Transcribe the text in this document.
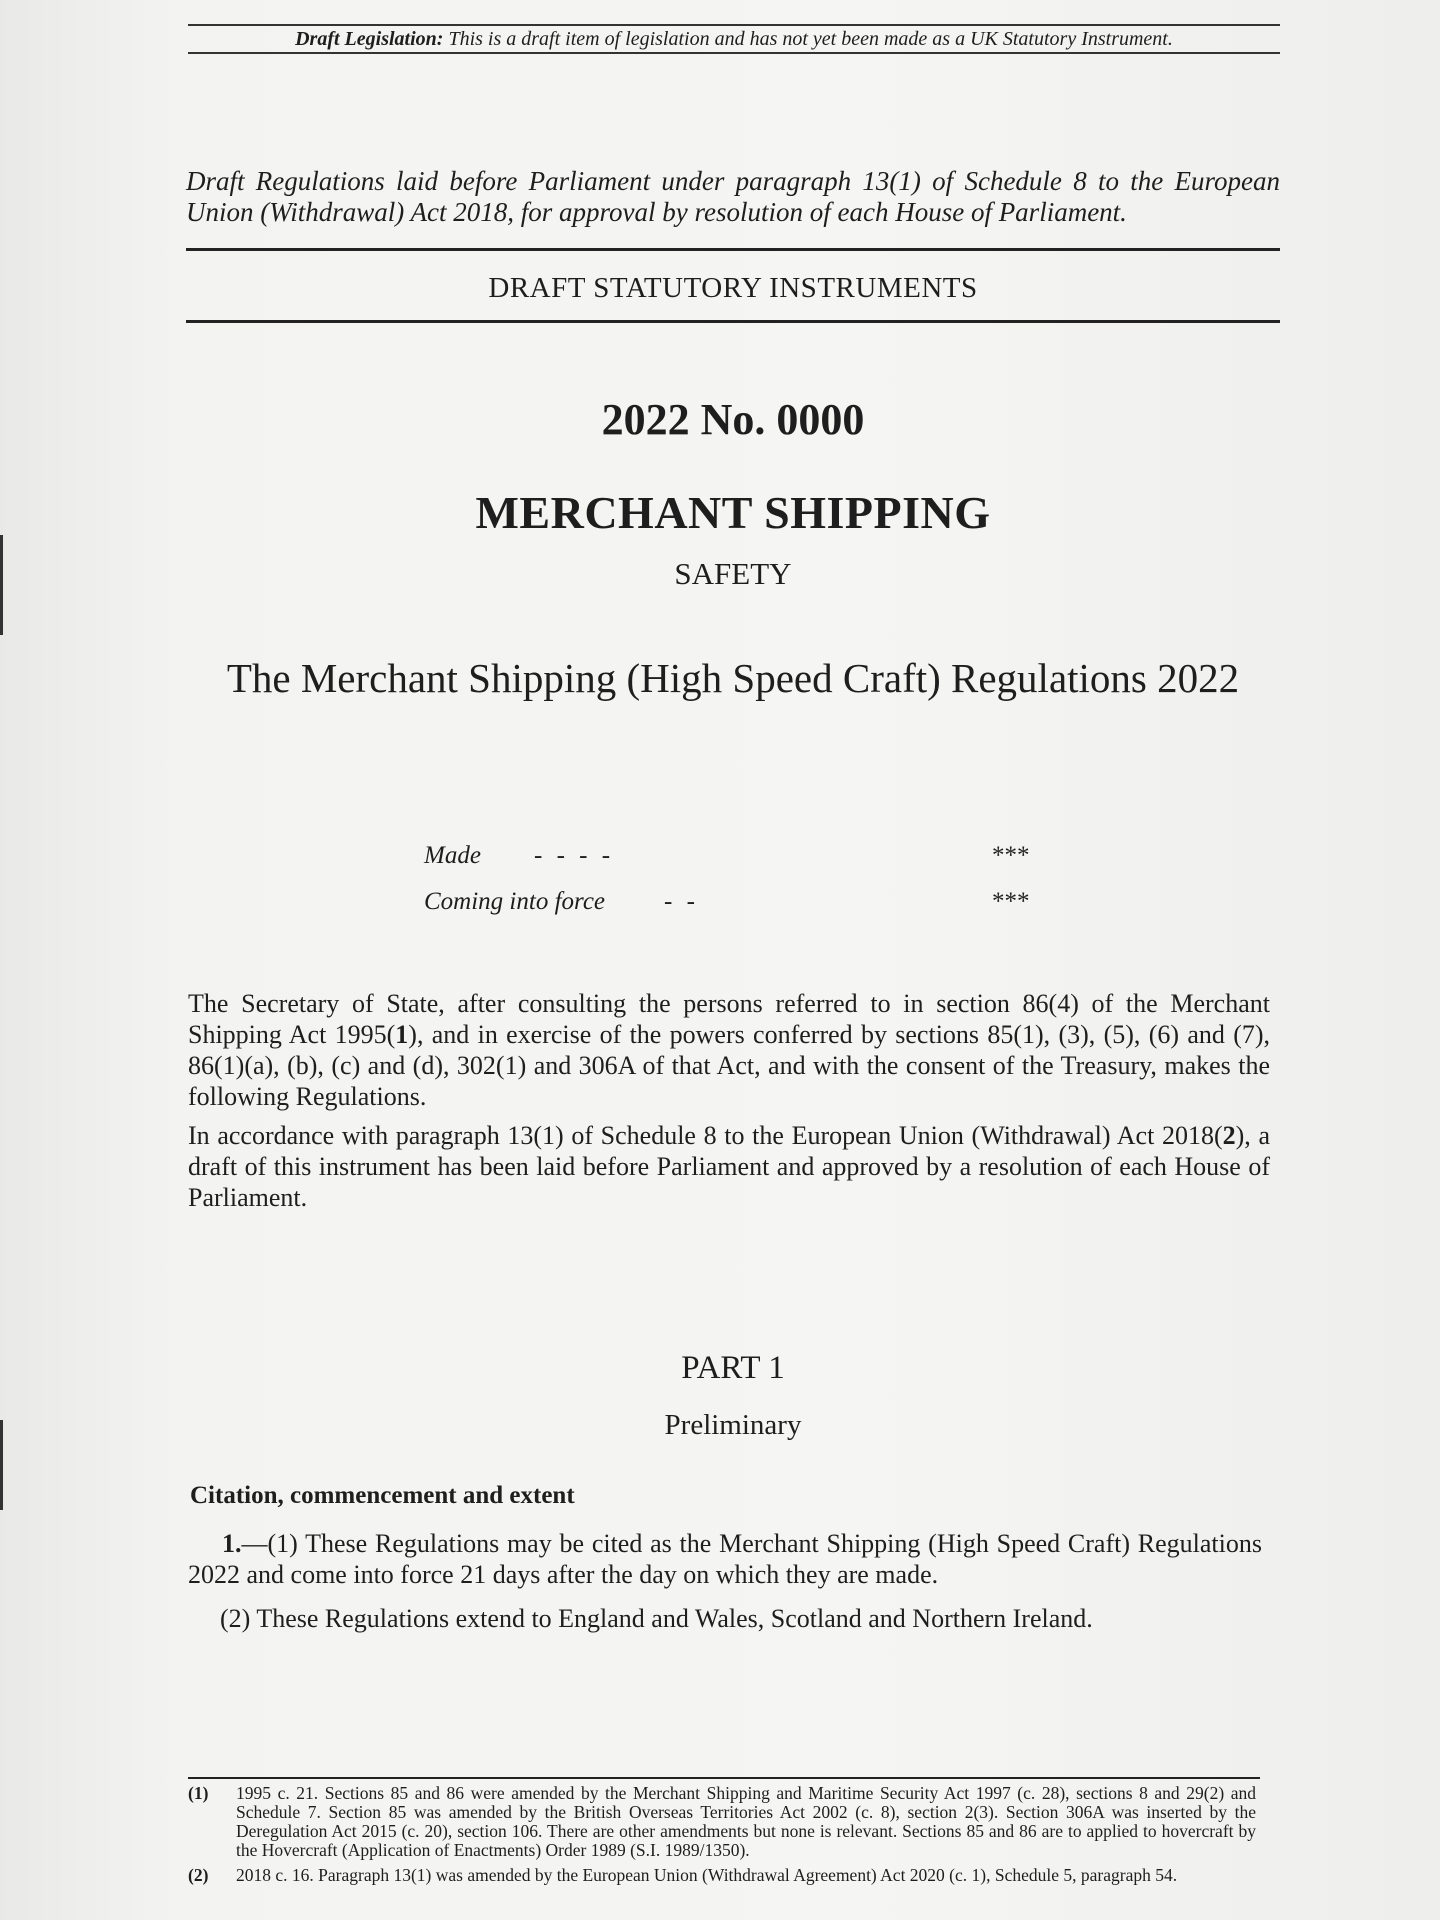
Draft Legislation: This is a draft item of legislation and has not yet been made as a UK Statutory Instrument.
Draft Regulations laid before Parliament under paragraph 13(1) of Schedule 8 to the European Union (Withdrawal) Act 2018, for approval by resolution of each House of Parliament.
DRAFT STATUTORY INSTRUMENTS
2022 No. 0000
MERCHANT SHIPPING
SAFETY
The Merchant Shipping (High Speed Craft) Regulations 2022
Made - - - -	***
Coming into force - -	***
The Secretary of State, after consulting the persons referred to in section 86(4) of the Merchant Shipping Act 1995(1), and in exercise of the powers conferred by sections 85(1), (3), (5), (6) and (7), 86(1)(a), (b), (c) and (d), 302(1) and 306A of that Act, and with the consent of the Treasury, makes the following Regulations.
In accordance with paragraph 13(1) of Schedule 8 to the European Union (Withdrawal) Act 2018(2), a draft of this instrument has been laid before Parliament and approved by a resolution of each House of Parliament.
PART 1
Preliminary
Citation, commencement and extent
1.—(1) These Regulations may be cited as the Merchant Shipping (High Speed Craft) Regulations 2022 and come into force 21 days after the day on which they are made.
(2) These Regulations extend to England and Wales, Scotland and Northern Ireland.
(1) 1995 c. 21. Sections 85 and 86 were amended by the Merchant Shipping and Maritime Security Act 1997 (c. 28), sections 8 and 29(2) and Schedule 7. Section 85 was amended by the British Overseas Territories Act 2002 (c. 8), section 2(3). Section 306A was inserted by the Deregulation Act 2015 (c. 20), section 106. There are other amendments but none is relevant. Sections 85 and 86 are to applied to hovercraft by the Hovercraft (Application of Enactments) Order 1989 (S.I. 1989/1350).
(2) 2018 c. 16. Paragraph 13(1) was amended by the European Union (Withdrawal Agreement) Act 2020 (c. 1), Schedule 5, paragraph 54.
